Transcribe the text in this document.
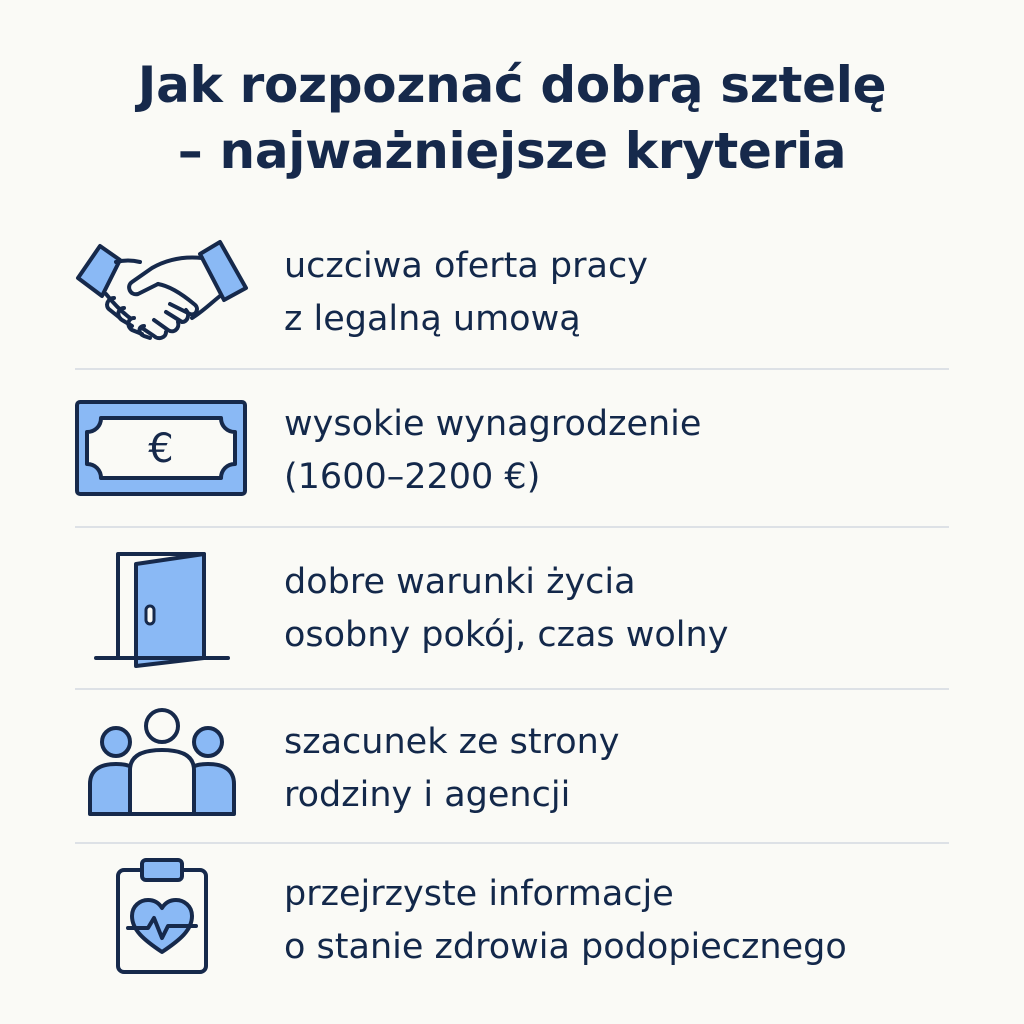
Jak rozpoznać dobrą sztelę
– najważniejsze kryteria
uczciwa oferta pracy
z legalną umową
€
wysokie wynagrodzenie
(1600–2200 €)
dobre warunki życia
osobny pokój, czas wolny
szacunek ze strony
rodziny i agencji
przejrzyste informacje
o stanie zdrowia podopiecznego
